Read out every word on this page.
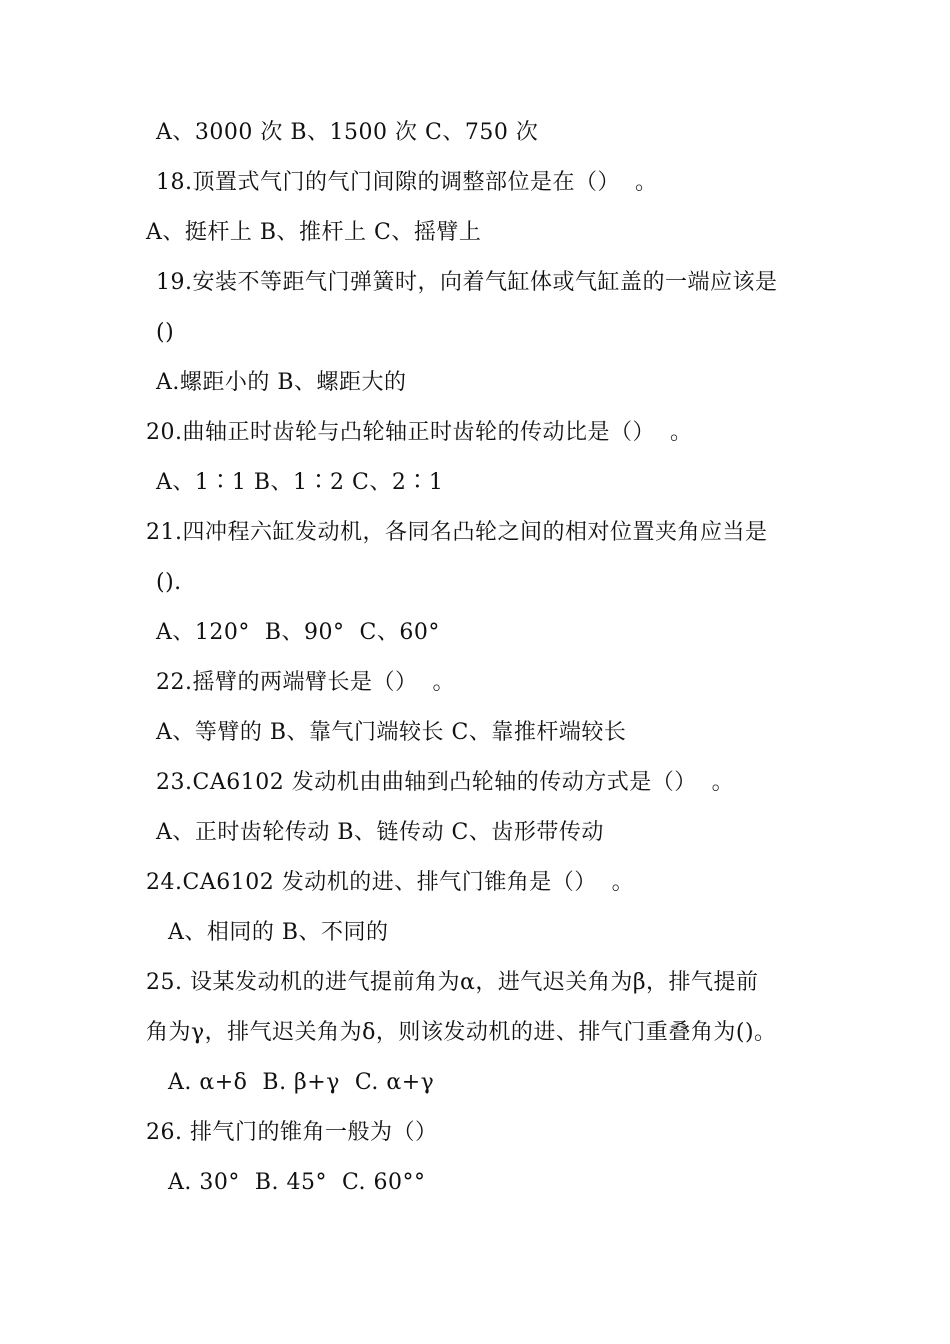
A、3000 次 B、1500 次 C、750 次
18.顶置式气门的气门间隙的调整部位是在（）  。
A、挺杆上 B、推杆上 C、摇臂上
19.安装不等距气门弹簧时，向着气缸体或气缸盖的一端应该是
()
A.螺距小的 B、螺距大的
20.曲轴正时齿轮与凸轮轴正时齿轮的传动比是（）  。
A、1∶1 B、1∶2 C、2∶1
21.四冲程六缸发动机，各同名凸轮之间的相对位置夹角应当是
().
A、120°  B、90°  C、60°
22.摇臂的两端臂长是（）  。
A、等臂的 B、靠气门端较长 C、靠推杆端较长
23.CA6102 发动机由曲轴到凸轮轴的传动方式是（）  。
A、正时齿轮传动 B、链传动 C、齿形带传动
24.CA6102 发动机的进、排气门锥角是（）  。
A、相同的 B、不同的
25. 设某发动机的进气提前角为α，进气迟关角为β，排气提前
角为γ，排气迟关角为δ，则该发动机的进、排气门重叠角为()。
A. α+δ  B. β+γ  C. α+γ
26. 排气门的锥角一般为（）
A. 30°  B. 45°  C. 60°°
